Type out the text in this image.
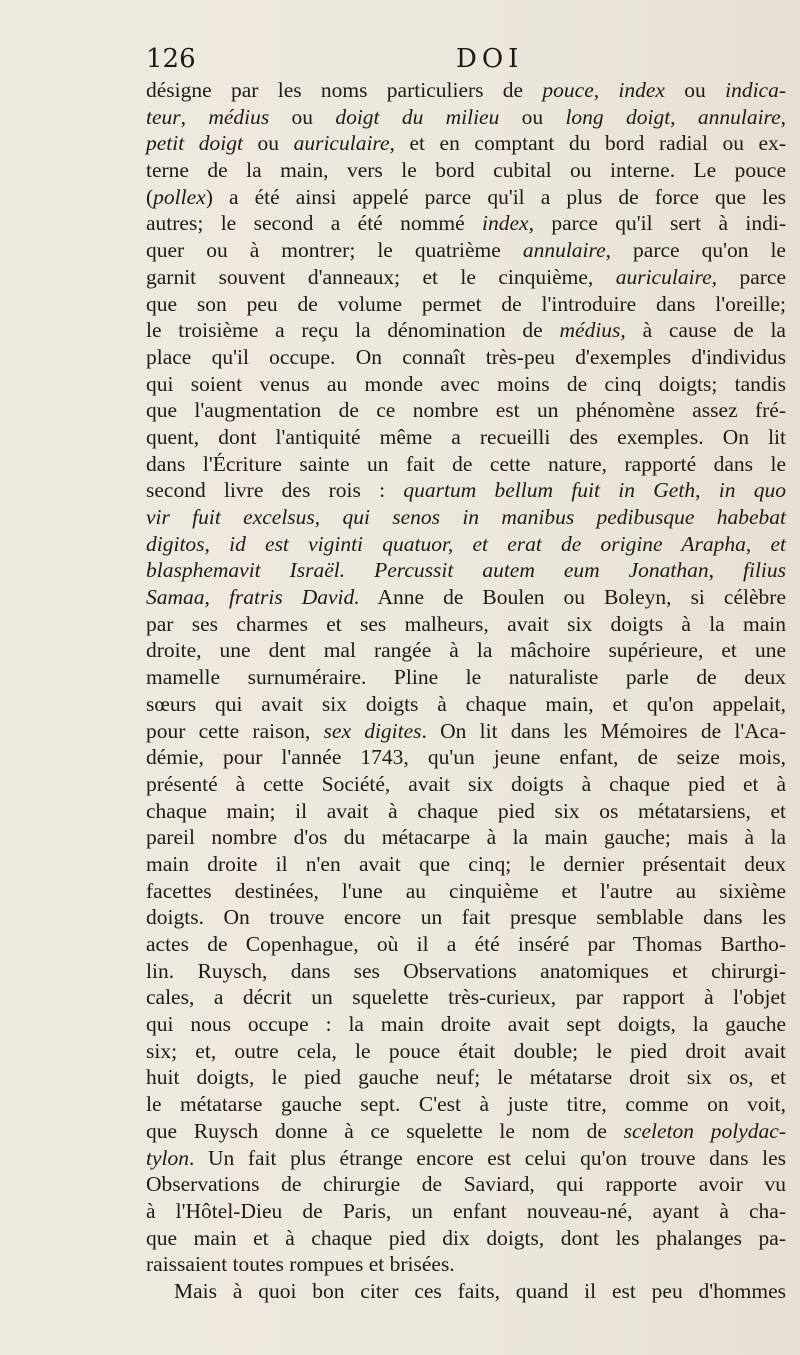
126	DOI
désigne par les noms particuliers de pouce, index ou indica-
teur, médius ou doigt du milieu ou long doigt, annulaire,
petit doigt ou auriculaire, et en comptant du bord radial ou ex-
terne de la main, vers le bord cubital ou interne. Le pouce
(pollex) a été ainsi appelé parce qu'il a plus de force que les
autres; le second a été nommé index, parce qu'il sert à indi-
quer ou à montrer; le quatrième annulaire, parce qu'on le
garnit souvent d'anneaux; et le cinquième, auriculaire, parce
que son peu de volume permet de l'introduire dans l'oreille;
le troisième a reçu la dénomination de médius, à cause de la
place qu'il occupe. On connaît très-peu d'exemples d'individus
qui soient venus au monde avec moins de cinq doigts; tandis
que l'augmentation de ce nombre est un phénomène assez fré-
quent, dont l'antiquité même a recueilli des exemples. On lit
dans l'Écriture sainte un fait de cette nature, rapporté dans le
second livre des rois : quartum bellum fuit in Geth, in quo
vir fuit excelsus, qui senos in manibus pedibusque habebat
digitos, id est viginti quatuor, et erat de origine Arapha, et
blasphemavit Israël. Percussit autem eum Jonathan, filius
Samaa, fratris David. Anne de Boulen ou Boleyn, si célèbre
par ses charmes et ses malheurs, avait six doigts à la main
droite, une dent mal rangée à la mâchoire supérieure, et une
mamelle surnuméraire. Pline le naturaliste parle de deux
sœurs qui avait six doigts à chaque main, et qu'on appelait,
pour cette raison, sex digites. On lit dans les Mémoires de l'Aca-
démie, pour l'année 1743, qu'un jeune enfant, de seize mois,
présenté à cette Société, avait six doigts à chaque pied et à
chaque main; il avait à chaque pied six os métatarsiens, et
pareil nombre d'os du métacarpe à la main gauche; mais à la
main droite il n'en avait que cinq; le dernier présentait deux
facettes destinées, l'une au cinquième et l'autre au sixième
doigts. On trouve encore un fait presque semblable dans les
actes de Copenhague, où il a été inséré par Thomas Bartho-
lin. Ruysch, dans ses Observations anatomiques et chirurgi-
cales, a décrit un squelette très-curieux, par rapport à l'objet
qui nous occupe : la main droite avait sept doigts, la gauche
six; et, outre cela, le pouce était double; le pied droit avait
huit doigts, le pied gauche neuf; le métatarse droit six os, et
le métatarse gauche sept. C'est à juste titre, comme on voit,
que Ruysch donne à ce squelette le nom de sceleton polydac-
tylon. Un fait plus étrange encore est celui qu'on trouve dans les
Observations de chirurgie de Saviard, qui rapporte avoir vu
à l'Hôtel-Dieu de Paris, un enfant nouveau-né, ayant à cha-
que main et à chaque pied dix doigts, dont les phalanges pa-
raissaient toutes rompues et brisées.
Mais à quoi bon citer ces faits, quand il est peu d'hommes
